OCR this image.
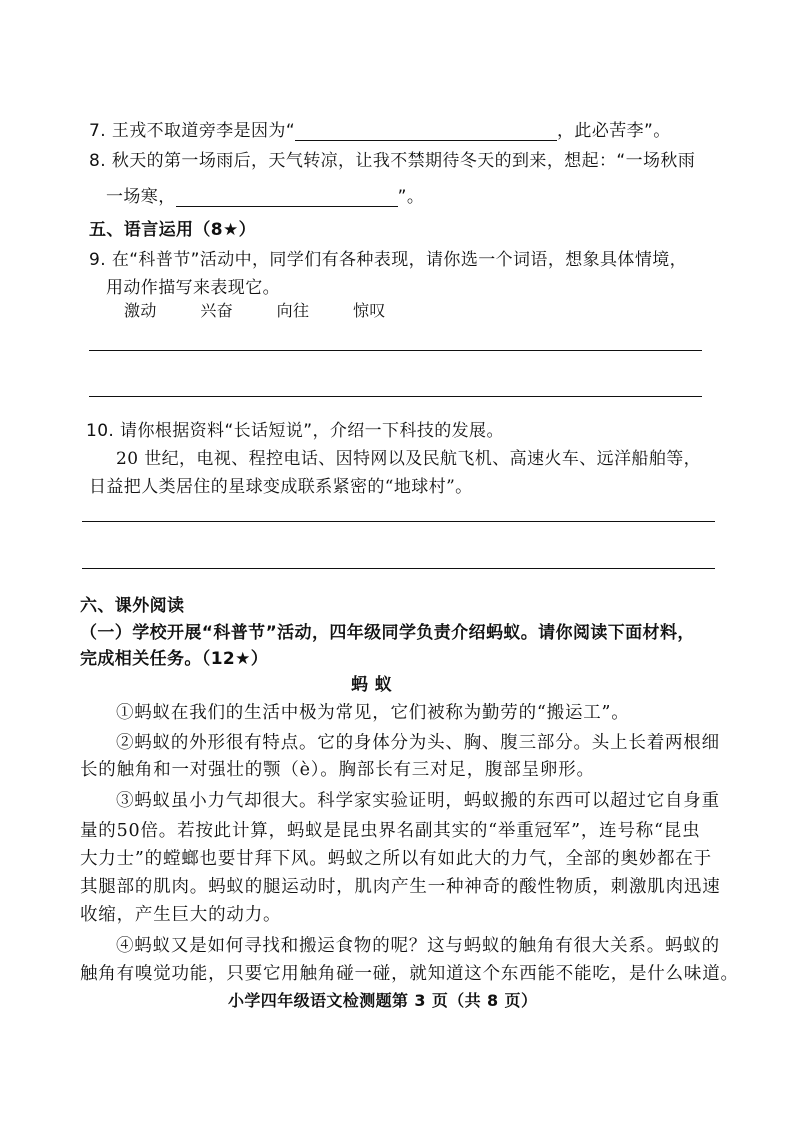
7. 王戎不取道旁李是因为“	，此必苦李”。
8. 秋天的第一场雨后，天气转凉，让我不禁期待冬天的到来，想起：“一场秋雨
一场寒，	”。
五、语言运用（8★）
9. 在“科普节”活动中，同学们有各种表现，请你选一个词语，想象具体情境，
用动作描写来表现它。
激动	兴奋	向往	惊叹
10. 请你根据资料“长话短说”，介绍一下科技的发展。
20 世纪，电视、程控电话、因特网以及民航飞机、高速火车、远洋船舶等，
日益把人类居住的星球变成联系紧密的“地球村”。
六、课外阅读
（一）学校开展“科普节”活动，四年级同学负责介绍蚂蚁。请你阅读下面材料，
完成相关任务。（12★）
蚂 蚁
①蚂蚁在我们的生活中极为常见，它们被称为勤劳的“搬运工”。
②蚂蚁的外形很有特点。它的身体分为头、胸、腹三部分。头上长着两根细
长的触角和一对强壮的颚（è）。胸部长有三对足，腹部呈卵形。
③蚂蚁虽小力气却很大。科学家实验证明，蚂蚁搬的东西可以超过它自身重
量的50倍。若按此计算，蚂蚁是昆虫界名副其实的“举重冠军”，连号称“昆虫
大力士”的螳螂也要甘拜下风。蚂蚁之所以有如此大的力气，全部的奥妙都在于
其腿部的肌肉。蚂蚁的腿运动时，肌肉产生一种神奇的酸性物质，刺激肌肉迅速
收缩，产生巨大的动力。
④蚂蚁又是如何寻找和搬运食物的呢？这与蚂蚁的触角有很大关系。蚂蚁的
触角有嗅觉功能，只要它用触角碰一碰，就知道这个东西能不能吃，是什么味道。
小学四年级语文检测题第 3 页（共 8 页）
